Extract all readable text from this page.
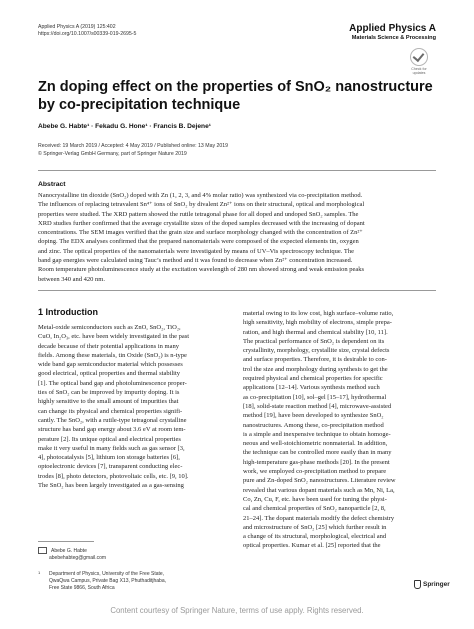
Applied Physics A (2019) 125:402
https://doi.org/10.1007/s00339-019-2695-5
Applied Physics A
Materials Science & Processing
Check for updates
Zn doping effect on the properties of SnO₂ nanostructure
by co-precipitation technique
Abebe G. Habte¹ · Fekadu G. Hone¹ · Francis B. Dejene¹
Received: 19 March 2019 / Accepted: 4 May 2019 / Published online: 13 May 2019
© Springer-Verlag GmbH Germany, part of Springer Nature 2019
Abstract
Nanocrystalline tin dioxide (SnO₂) doped with Zn (1, 2, 3, and 4% molar ratio) was synthesized via co-precipitation method.
The influences of replacing tetravalent Sn⁴⁺ ions of SnO₂ by divalent Zn²⁺ ions on their structural, optical and morphological
properties were studied. The XRD pattern showed the rutile tetragonal phase for all doped and undoped SnO₂ samples. The
XRD studies further confirmed that the average crystallite sizes of the doped samples decreased with the increasing of dopant
concentrations. The SEM images verified that the grain size and surface morphology changed with the concentration of Zn²⁺
doping. The EDX analyses confirmed that the prepared nanomaterials were composed of the expected elements tin, oxygen
and zinc. The optical properties of the nanomaterials were investigated by means of UV–Vis spectroscopy technique. The
band gap energies were calculated using Tauc’s method and it was found to decrease when Zn²⁺ concentration increased.
Room temperature photoluminescence study at the excitation wavelength of 280 nm showed strong and weak emission peaks
between 340 and 420 nm.
1 Introduction
Metal-oxide semiconductors such as ZnO, SnO₂, TiO₂,
CuO, In₂O₃, etc. have been widely investigated in the past
decade because of their potential applications in many
fields. Among these materials, tin Oxide (SnO₂) is n-type
wide band gap semiconductor material which possesses
good electrical, optical properties and thermal stability
[1]. The optical band gap and photoluminescence proper-
ties of SnO₂ can be improved by impurity doping. It is
highly sensitive to the small amount of impurities that
can change its physical and chemical properties signifi-
cantly. The SnO₂, with a rutile-type tetragonal crystalline
structure has band gap energy about 3.6 eV at room tem-
perature [2]. Its unique optical and electrical properties
make it very useful in many fields such as gas sensor [3,
4], photocatalysis [5], lithium ion storage batteries [6],
optoelectronic devices [7], transparent conducting elec-
trodes [8], photo detectors, photovoltaic cells, etc. [9, 10].
The SnO₂ has been largely investigated as a gas-sensing
material owing to its low cost, high surface–volume ratio,
high sensitivity, high mobility of electrons, simple prepa-
ration, and high thermal and chemical stability [10, 11].
The practical performance of SnO₂ is dependent on its
crystallinity, morphology, crystallite size, crystal defects
and surface properties. Therefore, it is desirable to con-
trol the size and morphology during synthesis to get the
required physical and chemical properties for specific
applications [12–14]. Various synthesis method such
as co-precipitation [10], sol–gel [15–17], hydrothermal
[18], solid-state reaction method [4], microwave-assisted
method [19], have been developed to synthesize SnO₂
nanostructures. Among these, co-precipitation method
is a simple and inexpensive technique to obtain homoge-
neous and well-stoichiometric nonmaterial. In addition,
the technique can be controlled more easily than in many
high-temperature gas-phase methods [20]. In the present
work, we employed co-precipitation method to prepare
pure and Zn-doped SnO₂ nanostructures. Literature review
revealed that various dopant materials such as Mn, Ni, La,
Co, Zn, Cu, F, etc. have been used for tuning the physi-
cal and chemical properties of SnO₂ nanoparticle [2, 8,
21–24]. The dopant materials modify the defect chemistry
and microstructure of SnO₂ [25] which further result in
a change of its structural, morphological, electrical and
optical properties. Kumar et al. [25] reported that the
Abebe G. Habte
abebehabteg@gmail.com
1 Department of Physics, University of the Free State,
QwaQwa Campus, Private Bag X13, Phuthaditjhaba,
Free State 9866, South Africa	Springer
Content courtesy of Springer Nature, terms of use apply. Rights reserved.
